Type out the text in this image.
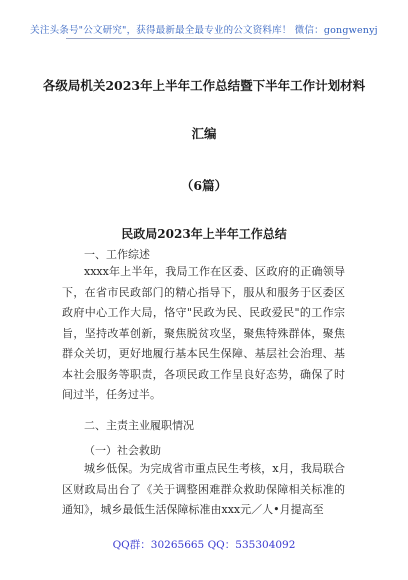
关注头条号"公文研究"，获得最新最全最专业的公文资料库！ 微信：gongwenyj
各级局机关2023年上半年工作总结暨下半年工作计划材料
汇编
（6篇）
民政局2023年上半年工作总结
一、工作综述

xxxx年上半年，我局工作在区委、区政府的正确领导下，在省市民政部门的精心指导下，服从和服务于区委区政府中心工作大局，恪守"民政为民、民政爱民"的工作宗旨，坚持改革创新，聚焦脱贫攻坚，聚焦特殊群体，聚焦群众关切，更好地履行基本民生保障、基层社会治理、基本社会服务等职责，各项民政工作呈良好态势，确保了时间过半，任务过半。

二、主责主业履职情况
（一）社会救助

城乡低保。为完成省市重点民生考核，x月，我局联合区财政局出台了《关于调整困难群众救助保障相关标准的通知》，城乡最低生活保障标准由xxx元／人•月提高至

QQ群：30265665 QQ：535304092
